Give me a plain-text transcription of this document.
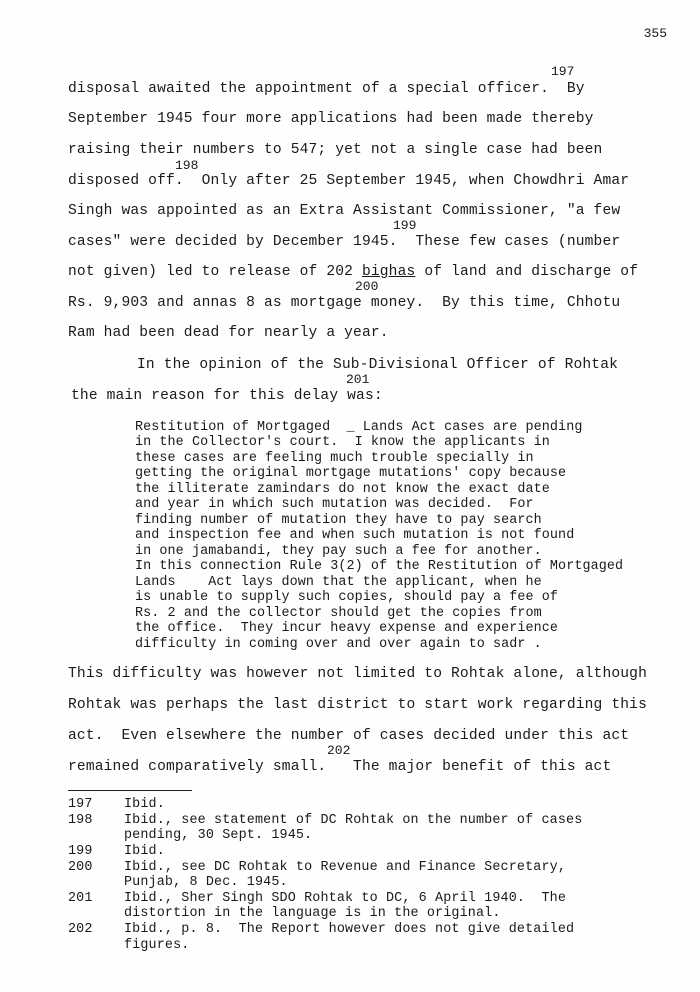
355
197
disposal awaited the appointment of a special officer.  By
September 1945 four more applications had been made thereby
raising their numbers to 547; yet not a single case had been
198
disposed off.  Only after 25 September 1945, when Chowdhri Amar
Singh was appointed as an Extra Assistant Commissioner, "a few
199
cases" were decided by December 1945.  These few cases (number
not given) led to release of 202 bighas of land and discharge of
200
Rs. 9,903 and annas 8 as mortgage money.  By this time, Chhotu
Ram had been dead for nearly a year.
In the opinion of the Sub-Divisional Officer of Rohtak
201
the main reason for this delay was:
Restitution of Mortgaged  _ Lands Act cases are pending
in the Collector's court.  I know the applicants in
these cases are feeling much trouble specially in
getting the original mortgage mutations' copy because
the illiterate zamindars do not know the exact date
and year in which such mutation was decided.  For
finding number of mutation they have to pay search
and inspection fee and when such mutation is not found
in one jamabandi, they pay such a fee for another.
In this connection Rule 3(2) of the Restitution of Mortgaged
Lands    Act lays down that the applicant, when he
is unable to supply such copies, should pay a fee of
Rs. 2 and the collector should get the copies from
the office.  They incur heavy expense and experience
difficulty in coming over and over again to sadr .
This difficulty was however not limited to Rohtak alone, although
Rohtak was perhaps the last district to start work regarding this
act.  Even elsewhere the number of cases decided under this act
202
remained comparatively small.   The major benefit of this act
197 Ibid.
198 Ibid., see statement of DC Rohtak on the number of cases
pending, 30 Sept. 1945.
199 Ibid.
200 Ibid., see DC Rohtak to Revenue and Finance Secretary,
Punjab, 8 Dec. 1945.
201 Ibid., Sher Singh SDO Rohtak to DC, 6 April 1940.  The
distortion in the language is in the original.
202 Ibid., p. 8.  The Report however does not give detailed
figures.
